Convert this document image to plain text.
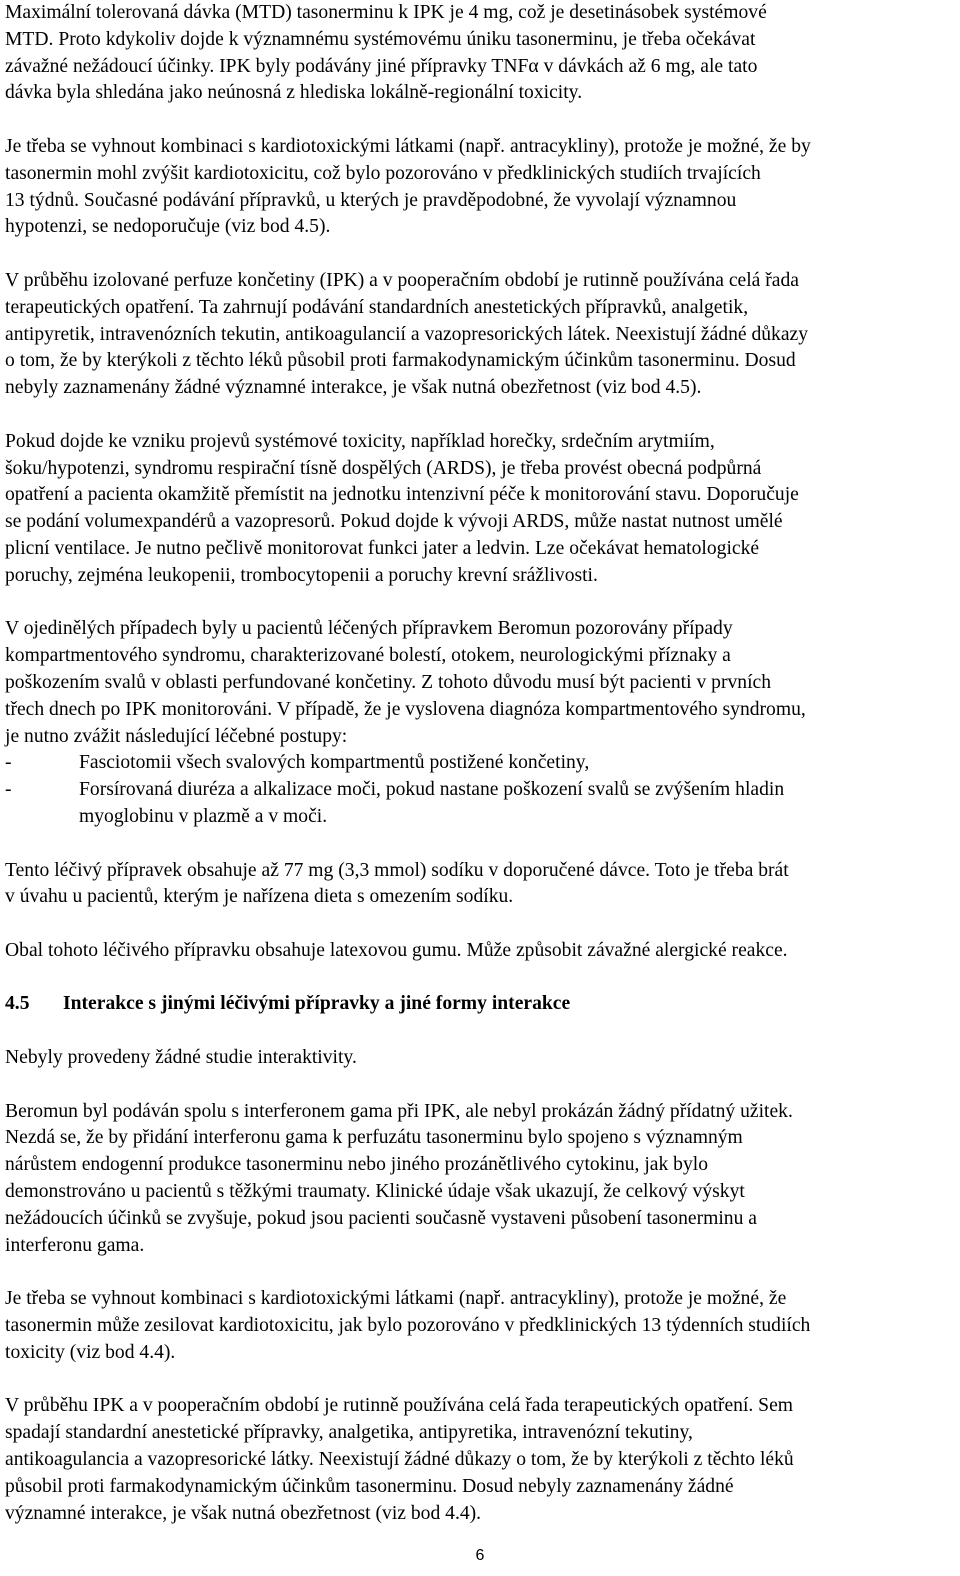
Maximální tolerovaná dávka (MTD) tasonerminu k IPK je 4 mg, což je desetinásobek systémové
MTD. Proto kdykoliv dojde k významnému systémovému úniku tasonerminu, je třeba očekávat
závažné nežádoucí účinky. IPK byly podávány jiné přípravky TNFα v dávkách až 6 mg, ale tato
dávka byla shledána jako neúnosná z hlediska lokálně-regionální toxicity.

Je třeba se vyhnout kombinaci s kardiotoxickými látkami (např. antracykliny), protože je možné, že by
tasonermin mohl zvýšit kardiotoxicitu, což bylo pozorováno v předklinických studiích trvajících
13 týdnů. Současné podávání přípravků, u kterých je pravděpodobné, že vyvolají významnou
hypotenzi, se nedoporučuje (viz bod 4.5).

V průběhu izolované perfuze končetiny (IPK) a v pooperačním období je rutinně používána celá řada
terapeutických opatření. Ta zahrnují podávání standardních anestetických přípravků, analgetik,
antipyretik, intravenózních tekutin, antikoagulancií a vazopresorických látek. Neexistují žádné důkazy
o tom, že by kterýkoli z těchto léků působil proti farmakodynamickým účinkům tasonerminu. Dosud
nebyly zaznamenány žádné významné interakce, je však nutná obezřetnost (viz bod 4.5).

Pokud dojde ke vzniku projevů systémové toxicity, například horečky, srdečním arytmiím,
šoku/hypotenzi, syndromu respirační tísně dospělých (ARDS), je třeba provést obecná podpůrná
opatření a pacienta okamžitě přemístit na jednotku intenzivní péče k monitorování stavu. Doporučuje
se podání volumexpandérů a vazopresorů. Pokud dojde k vývoji ARDS, může nastat nutnost umělé
plicní ventilace. Je nutno pečlivě monitorovat funkci jater a ledvin. Lze očekávat hematologické
poruchy, zejména leukopenii, trombocytopenii a poruchy krevní srážlivosti.

V ojedinělých případech byly u pacientů léčených přípravkem Beromun pozorovány případy
kompartmentového syndromu, charakterizované bolestí, otokem, neurologickými příznaky a
poškozením svalů v oblasti perfundované končetiny. Z tohoto důvodu musí být pacienti v prvních
třech dnech po IPK monitorováni. V případě, že je vyslovena diagnóza kompartmentového syndromu,
je nutno zvážit následující léčebné postupy:

-	Fasciotomii všech svalových kompartmentů postižené končetiny,
-	Forsírovaná diuréza a alkalizace moči, pokud nastane poškození svalů se zvýšením hladin
myoglobinu v plazmě a v moči.

Tento léčivý přípravek obsahuje až 77 mg (3,3 mmol) sodíku v doporučené dávce. Toto je třeba brát
v úvahu u pacientů, kterým je nařízena dieta s omezením sodíku.

Obal tohoto léčivého přípravku obsahuje latexovou gumu. Může způsobit závažné alergické reakce.

4.5 Interakce s jinými léčivými přípravky a jiné formy interakce

Nebyly provedeny žádné studie interaktivity.

Beromun byl podáván spolu s interferonem gama při IPK, ale nebyl prokázán žádný přídatný užitek.
Nezdá se, že by přidání interferonu gama k perfuzátu tasonerminu bylo spojeno s významným
nárůstem endogenní produkce tasonerminu nebo jiného prozánětlivého cytokinu, jak bylo
demonstrováno u pacientů s těžkými traumaty. Klinické údaje však ukazují, že celkový výskyt
nežádoucích účinků se zvyšuje, pokud jsou pacienti současně vystaveni působení tasonerminu a
interferonu gama.

Je třeba se vyhnout kombinaci s kardiotoxickými látkami (např. antracykliny), protože je možné, že
tasonermin může zesilovat kardiotoxicitu, jak bylo pozorováno v předklinických 13 týdenních studiích
toxicity (viz bod 4.4).

V průběhu IPK a v pooperačním období je rutinně používána celá řada terapeutických opatření. Sem
spadají standardní anestetické přípravky, analgetika, antipyretika, intravenózní tekutiny,
antikoagulancia a vazopresorické látky. Neexistují žádné důkazy o tom, že by kterýkoli z těchto léků
působil proti farmakodynamickým účinkům tasonerminu. Dosud nebyly zaznamenány žádné
významné interakce, je však nutná obezřetnost (viz bod 4.4).

6
